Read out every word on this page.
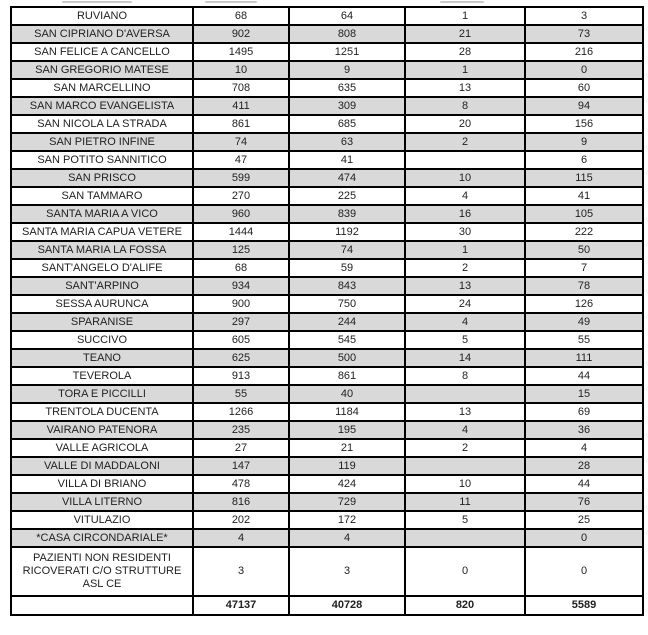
RUVIANO	68	64	1	3
SAN CIPRIANO D'AVERSA	902	808	21	73
SAN FELICE A CANCELLO	1495	1251	28	216
SAN GREGORIO MATESE	10	9	1	0
SAN MARCELLINO	708	635	13	60
SAN MARCO EVANGELISTA	411	309	8	94
SAN NICOLA LA STRADA	861	685	20	156
SAN PIETRO INFINE	74	63	2	9
SAN POTITO SANNITICO	47	41		6
SAN PRISCO	599	474	10	115
SAN TAMMARO	270	225	4	41
SANTA MARIA A VICO	960	839	16	105
SANTA MARIA CAPUA VETERE	1444	1192	30	222
SANTA MARIA LA FOSSA	125	74	1	50
SANT'ANGELO D'ALIFE	68	59	2	7
SANT'ARPINO	934	843	13	78
SESSA AURUNCA	900	750	24	126
SPARANISE	297	244	4	49
SUCCIVO	605	545	5	55
TEANO	625	500	14	111
TEVEROLA	913	861	8	44
TORA E PICCILLI	55	40		15
TRENTOLA DUCENTA	1266	1184	13	69
VAIRANO PATENORA	235	195	4	36
VALLE AGRICOLA	27	21	2	4
VALLE DI MADDALONI	147	119		28
VILLA DI BRIANO	478	424	10	44
VILLA LITERNO	816	729	11	76
VITULAZIO	202	172	5	25
*CASA CIRCONDARIALE*	4	4		0
PAZIENTI NON RESIDENTI RICOVERATI C/O STRUTTURE ASL CE	3	3	0	0
	47137	40728	820	5589
